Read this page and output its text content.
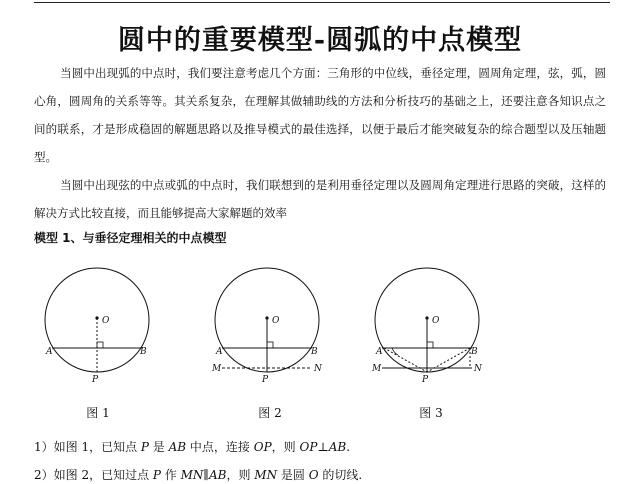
圆中的重要模型-圆弧的中点模型
当圆中出现弧的中点时，我们要注意考虑几个方面：三角形的中位线，垂径定理，圆周角定理，弦，弧，圆心角，圆周角的关系等等。其关系复杂，在理解其做辅助线的方法和分析技巧的基础之上，还要注意各知识点之间的联系，才是形成稳固的解题思路以及推导模式的最佳选择，以便于最后才能突破复杂的综合题型以及压轴题型。
当圆中出现弦的中点或弧的中点时，我们联想到的是利用垂径定理以及圆周角定理进行思路的突破，这样的解决方式比较直接，而且能够提高大家解题的效率
模型 1、与垂径定理相关的中点模型
O
A	B
P
O
A	B
P
M	N
O
A	B
P
M	N
图 1	图 2	图 3
1）如图 1，已知点 P 是 AB 中点，连接 OP，则 OP⊥AB.
2）如图 2，已知过点 P 作 MN∥AB，则 MN 是圆 O 的切线.
